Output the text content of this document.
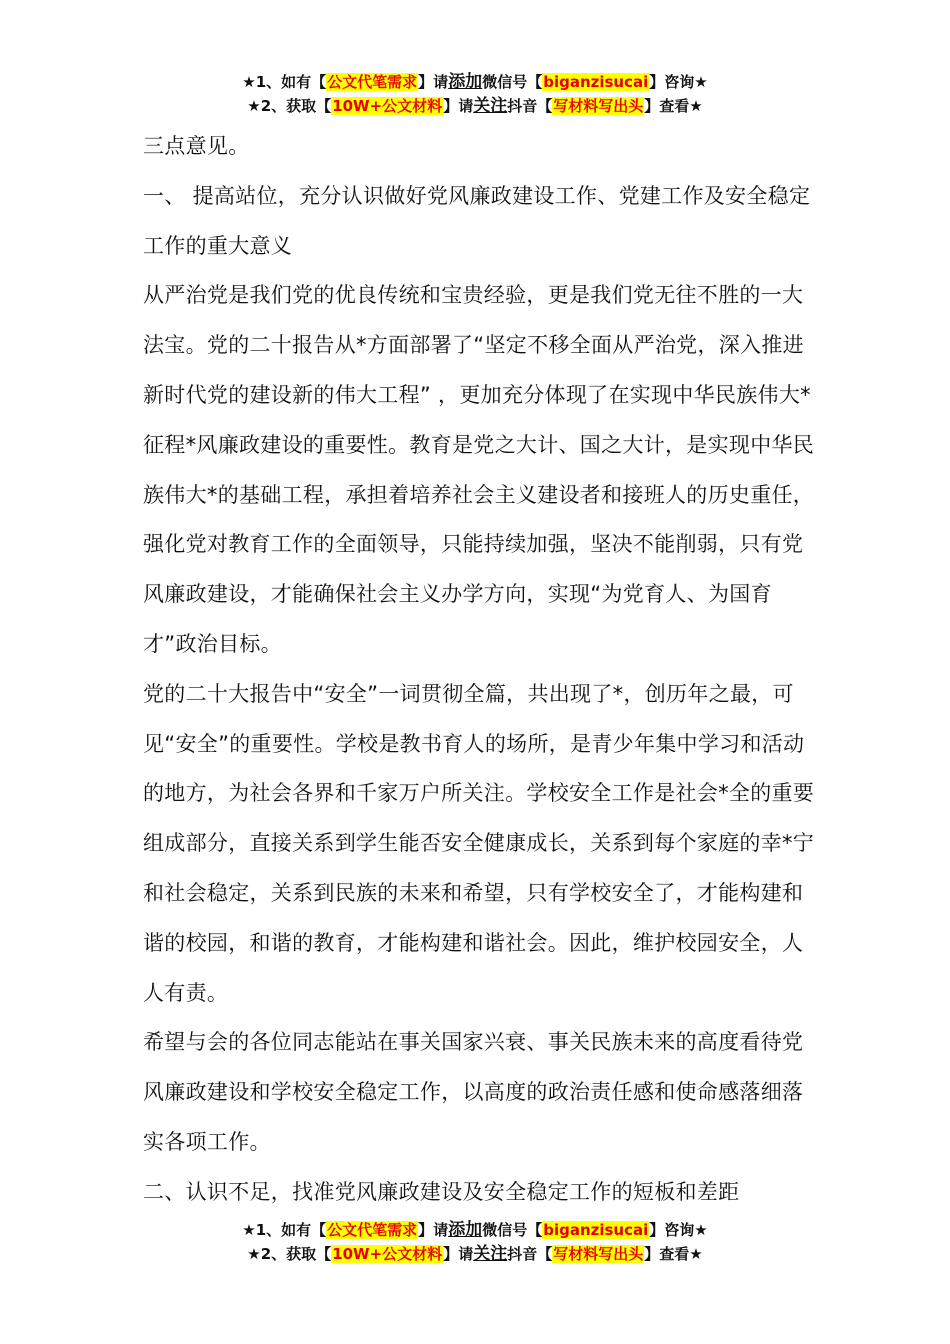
★1、如有【公文代笔需求】请添加微信号【biganzisucai】咨询★
★2、获取【10W+公文材料】请关注抖音【写材料写出头】查看★

三点意见。

一、 提高站位，充分认识做好党风廉政建设工作、党建工作及安全稳定工作的重大意义

从严治党是我们党的优良传统和宝贵经验，更是我们党无往不胜的一大法宝。党的二十报告从*方面部署了“坚定不移全面从严治党，深入推进新时代党的建设新的伟大工程” ，更加充分体现了在实现中华民族伟大*征程*风廉政建设的重要性。教育是党之大计、国之大计，是实现中华民族伟大*的基础工程，承担着培养社会主义建设者和接班人的历史重任，强化党对教育工作的全面领导，只能持续加强，坚决不能削弱，只有党风廉政建设，才能确保社会主义办学方向，实现“为党育人、为国育才”政治目标。

党的二十大报告中“安全”一词贯彻全篇，共出现了*，创历年之最，可见“安全”的重要性。学校是教书育人的场所，是青少年集中学习和活动的地方，为社会各界和千家万户所关注。学校安全工作是社会*全的重要组成部分，直接关系到学生能否安全健康成长，关系到每个家庭的幸*宁和社会稳定，关系到民族的未来和希望，只有学校安全了，才能构建和谐的校园，和谐的教育，才能构建和谐社会。因此，维护校园安全，人人有责。

希望与会的各位同志能站在事关国家兴衰、事关民族未来的高度看待党风廉政建设和学校安全稳定工作，以高度的政治责任感和使命感落细落实各项工作。

二、认识不足，找准党风廉政建设及安全稳定工作的短板和差距

★1、如有【公文代笔需求】请添加微信号【biganzisucai】咨询★
★2、获取【10W+公文材料】请关注抖音【写材料写出头】查看★
